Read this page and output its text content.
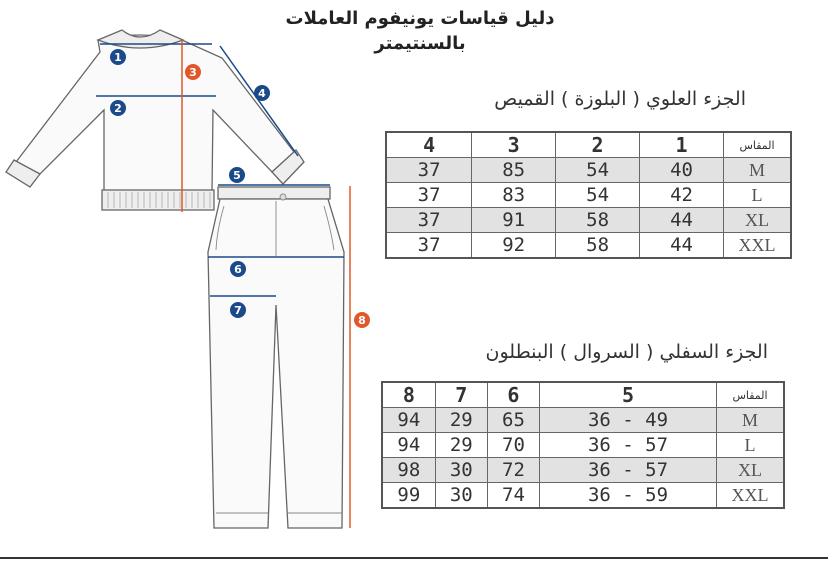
دليل قياسات يونيفوم العاملات
بالسنتيمتر
1
2
3
4
5
6
7
8
الجزء العلوي ( البلوزة ) القميص
4	3	2	1	المقاس
37	85	54	40	M
37	83	54	42	L
37	91	58	44	XL
37	92	58	44	XXL
الجزء السفلي ( السروال ) البنطلون
8	7	6	5	المقاس
94	29	65	36 - 49	M
94	29	70	36 - 57	L
98	30	72	36 - 57	XL
99	30	74	36 - 59	XXL
